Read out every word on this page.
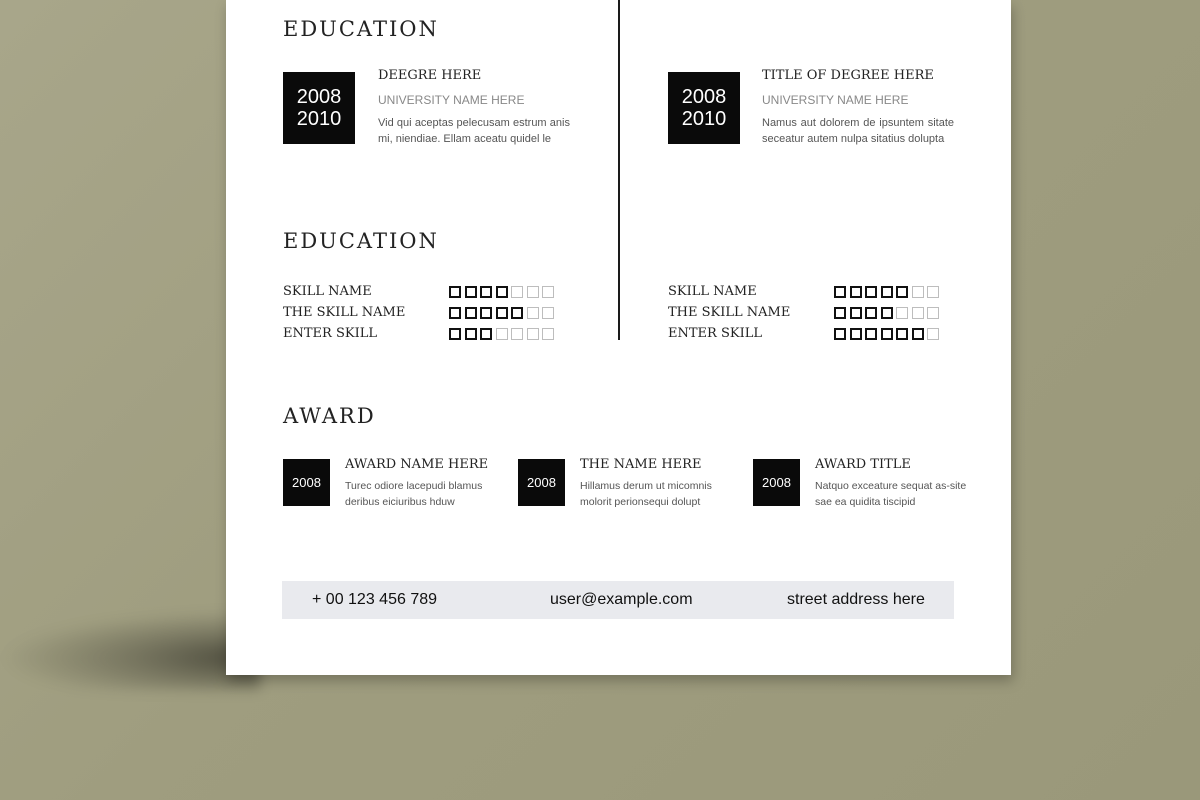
EDUCATION
2008
2010

DEEGRE HERE

UNIVERSITY NAME HERE

Vid qui aceptas pelecusam estrum anis mi, niendiae. Ellam aceatu quidel le

2008
2010

TITLE OF DEGREE HERE

UNIVERSITY NAME HERE

Namus aut dolorem de ipsuntem sitate seceatur autem nulpa sitatius dolupta

EDUCATION
SKILL NAME
THE SKILL NAME
ENTER SKILL
SKILL NAME
THE SKILL NAME
ENTER SKILL
AWARD
2008

AWARD NAME HERE

Turec odiore lacepudi blamus deribus eiciuribus hduw

2008

THE NAME HERE

Hillamus derum ut micomnis molorit perionsequi dolupt

2008

AWARD TITLE

Natquo exceature sequat as-site sae ea quidita tiscipid

+ 00 123 456 789	user@example.com	street address here
